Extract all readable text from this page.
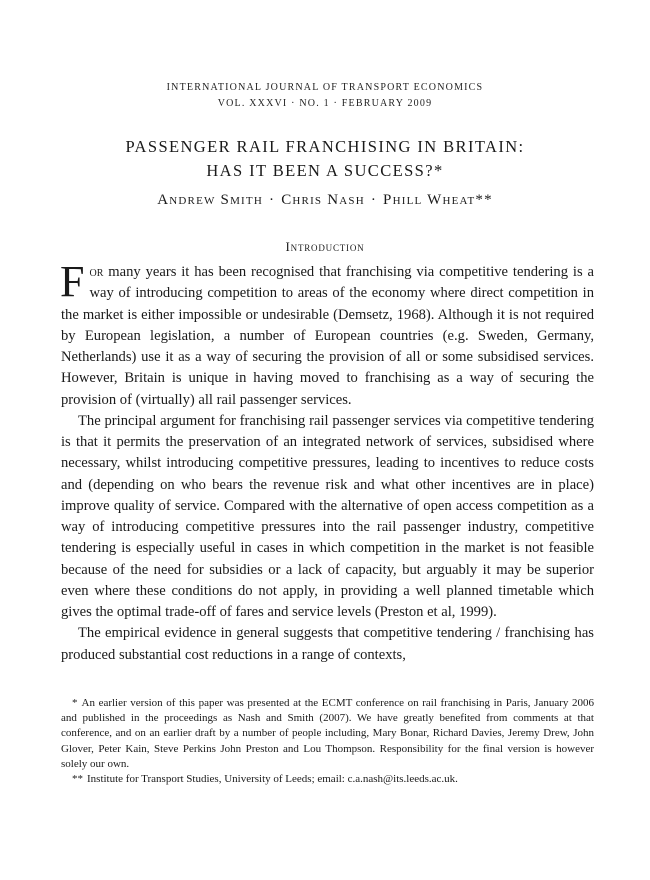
INTERNATIONAL JOURNAL OF TRANSPORT ECONOMICS
VOL. XXXVI · NO. 1 · FEBRUARY 2009
PASSENGER RAIL FRANCHISING IN BRITAIN:
HAS IT BEEN A SUCCESS?*
Andrew Smith · Chris Nash · Phill Wheat**
Introduction

For many years it has been recognised that franchising via competitive tendering is a way of introducing competition to areas of the economy where direct competition in the market is either impossible or undesirable (Demsetz, 1968). Although it is not required by European legislation, a number of European countries (e.g. Sweden, Germany, Netherlands) use it as a way of securing the provision of all or some subsidised services. However, Britain is unique in having moved to franchising as a way of securing the provision of (virtually) all rail passenger services.

The principal argument for franchising rail passenger services via competitive tendering is that it permits the preservation of an integrated network of services, subsidised where necessary, whilst introducing competitive pressures, leading to incentives to reduce costs and (depending on who bears the revenue risk and what other incentives are in place) improve quality of service. Compared with the alternative of open access competition as a way of introducing competitive pressures into the rail passenger industry, competitive tendering is especially useful in cases in which competition in the market is not feasible because of the need for subsidies or a lack of capacity, but arguably it may be superior even where these conditions do not apply, in providing a well planned timetable which gives the optimal trade-off of fares and service levels (Preston et al, 1999).

The empirical evidence in general suggests that competitive tendering / franchising has produced substantial cost reductions in a range of contexts,

* An earlier version of this paper was presented at the ECMT conference on rail franchising in Paris, January 2006 and published in the proceedings as Nash and Smith (2007). We have greatly benefited from comments at that conference, and on an earlier draft by a number of people including, Mary Bonar, Richard Davies, Jeremy Drew, John Glover, Peter Kain, Steve Perkins John Preston and Lou Thompson. Responsibility for the final version is however solely our own.

** Institute for Transport Studies, University of Leeds; email: c.a.nash@its.leeds.ac.uk.
